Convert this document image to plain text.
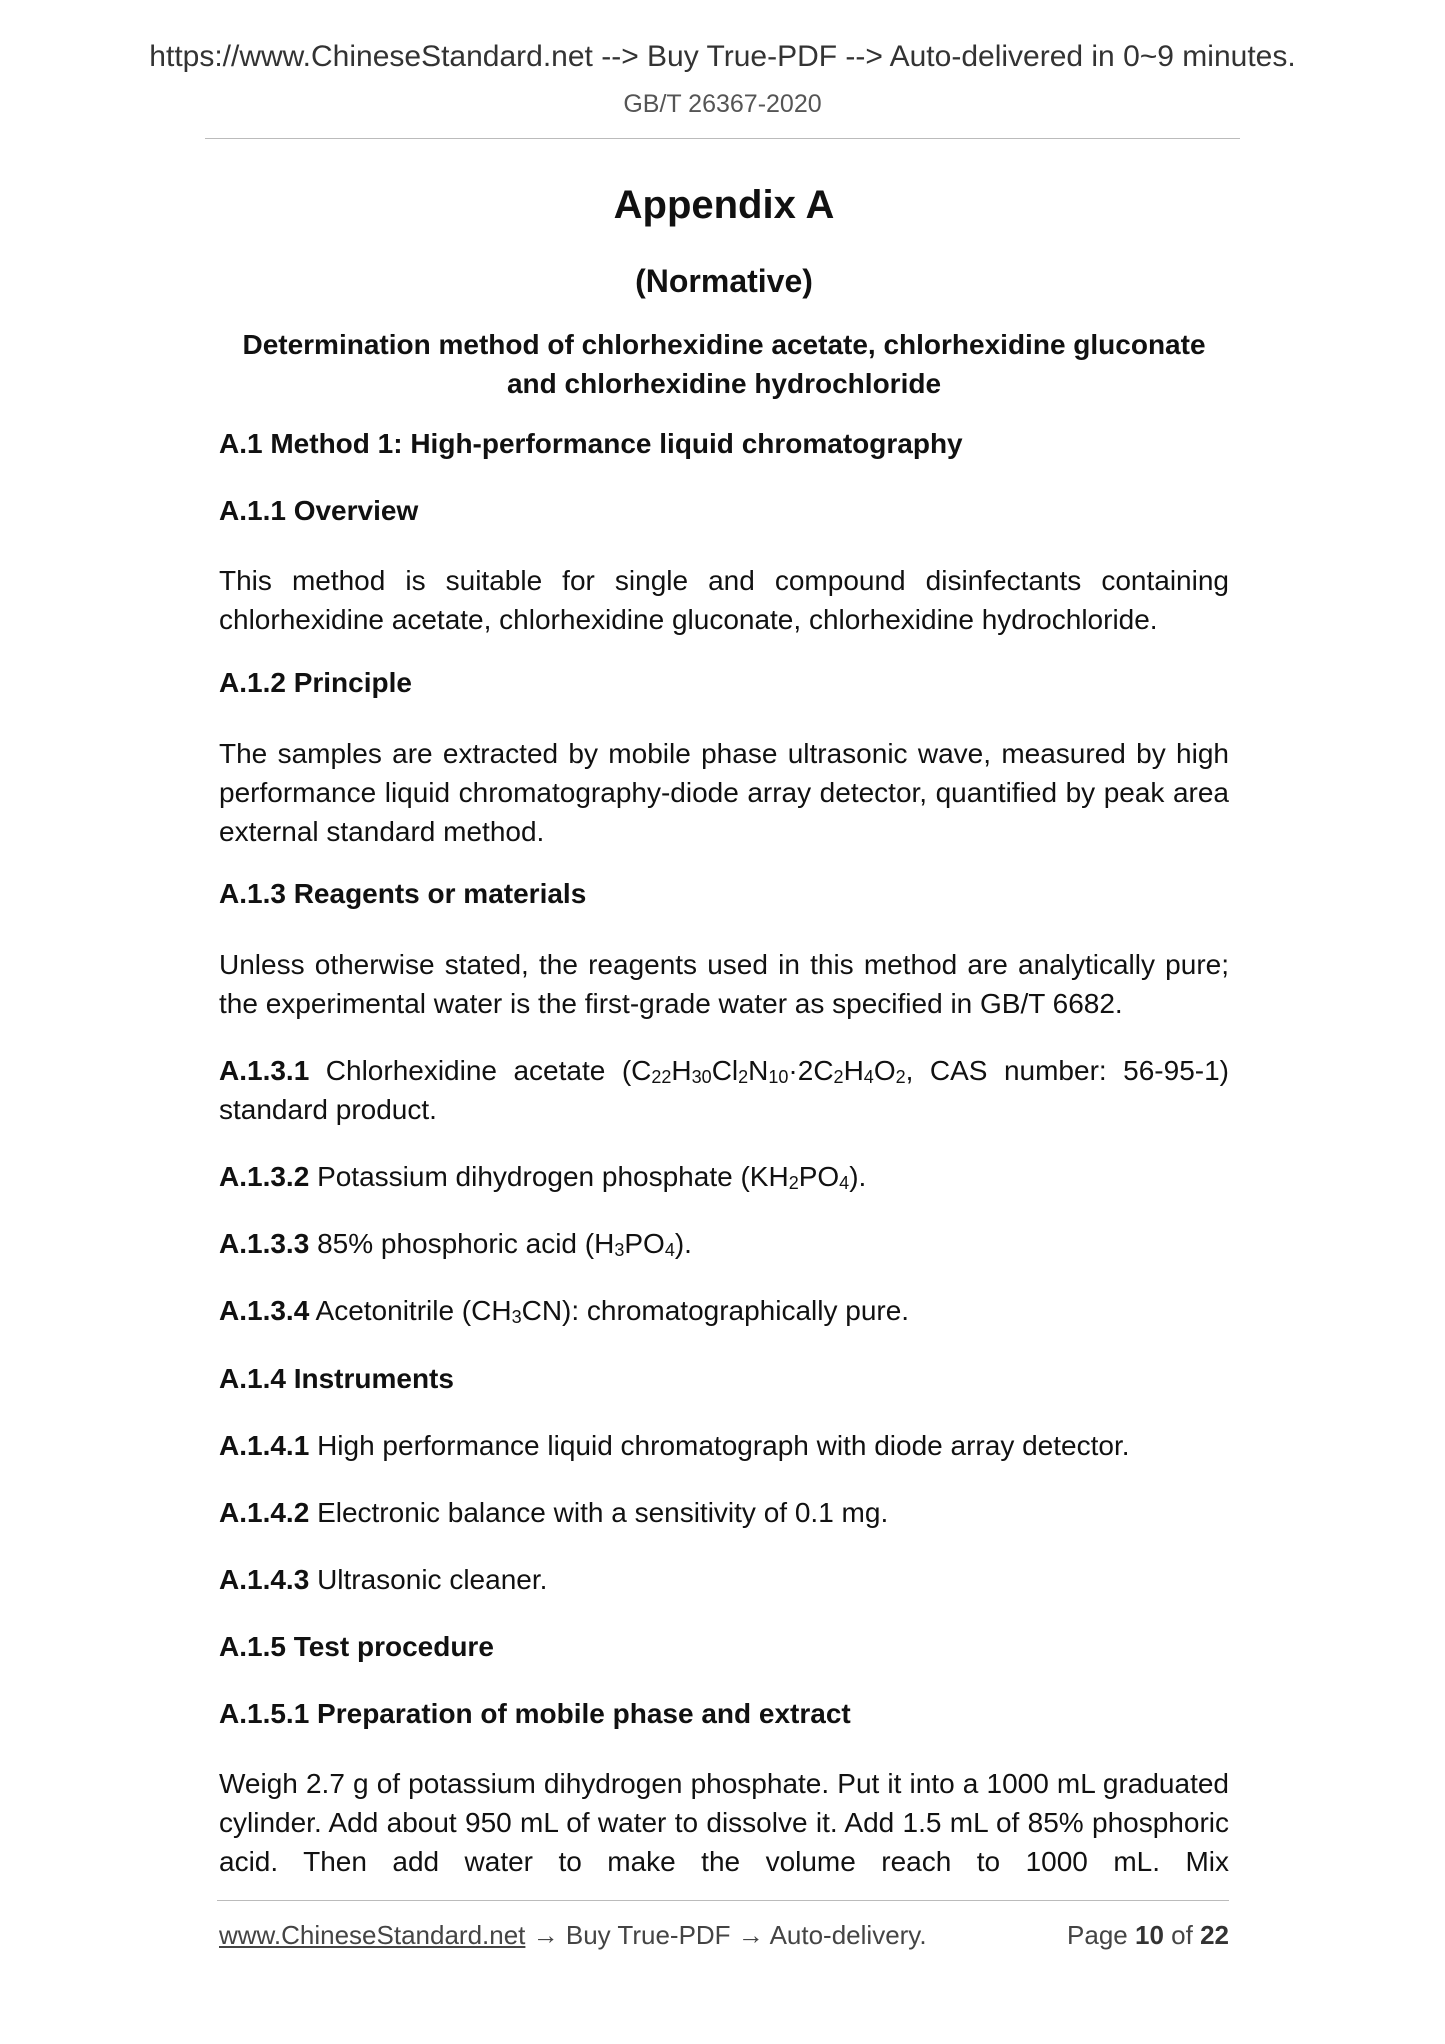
https://www.ChineseStandard.net --> Buy True-PDF --> Auto-delivered in 0~9 minutes.
GB/T 26367-2020
Appendix A
(Normative)
Determination method of chlorhexidine acetate, chlorhexidine gluconate
and chlorhexidine hydrochloride
A.1 Method 1: High-performance liquid chromatography
A.1.1 Overview
This method is suitable for single and compound disinfectants containing chlorhexidine acetate, chlorhexidine gluconate, chlorhexidine hydrochloride.
A.1.2 Principle
The samples are extracted by mobile phase ultrasonic wave, measured by high performance liquid chromatography-diode array detector, quantified by peak area external standard method.
A.1.3 Reagents or materials
Unless otherwise stated, the reagents used in this method are analytically pure; the experimental water is the first-grade water as specified in GB/T 6682.
A.1.3.1 Chlorhexidine acetate ($C_{22}H_{30}Cl_2N_{10}\cdot 2C_2H_4O_2$, CAS number: 56-95-1) standard product.
A.1.3.2 Potassium dihydrogen phosphate $(KH_2PO_4)$.
A.1.3.3 85% phosphoric acid $(H_3PO_4)$.
A.1.3.4 Acetonitrile $(CH_3CN)$: chromatographically pure.
A.1.4 Instruments
A.1.4.1 High performance liquid chromatograph with diode array detector.
A.1.4.2 Electronic balance with a sensitivity of 0.1 mg.
A.1.4.3 Ultrasonic cleaner.
A.1.5 Test procedure
A.1.5.1 Preparation of mobile phase and extract
Weigh 2.7 g of potassium dihydrogen phosphate. Put it into a 1000 mL graduated cylinder. Add about 950 mL of water to dissolve it. Add 1.5 mL of 85% phosphoric acid. Then add water to make the volume reach to 1000 mL. Mix
www.ChineseStandard.net → Buy True-PDF → Auto-delivery.	Page 10 of 22
